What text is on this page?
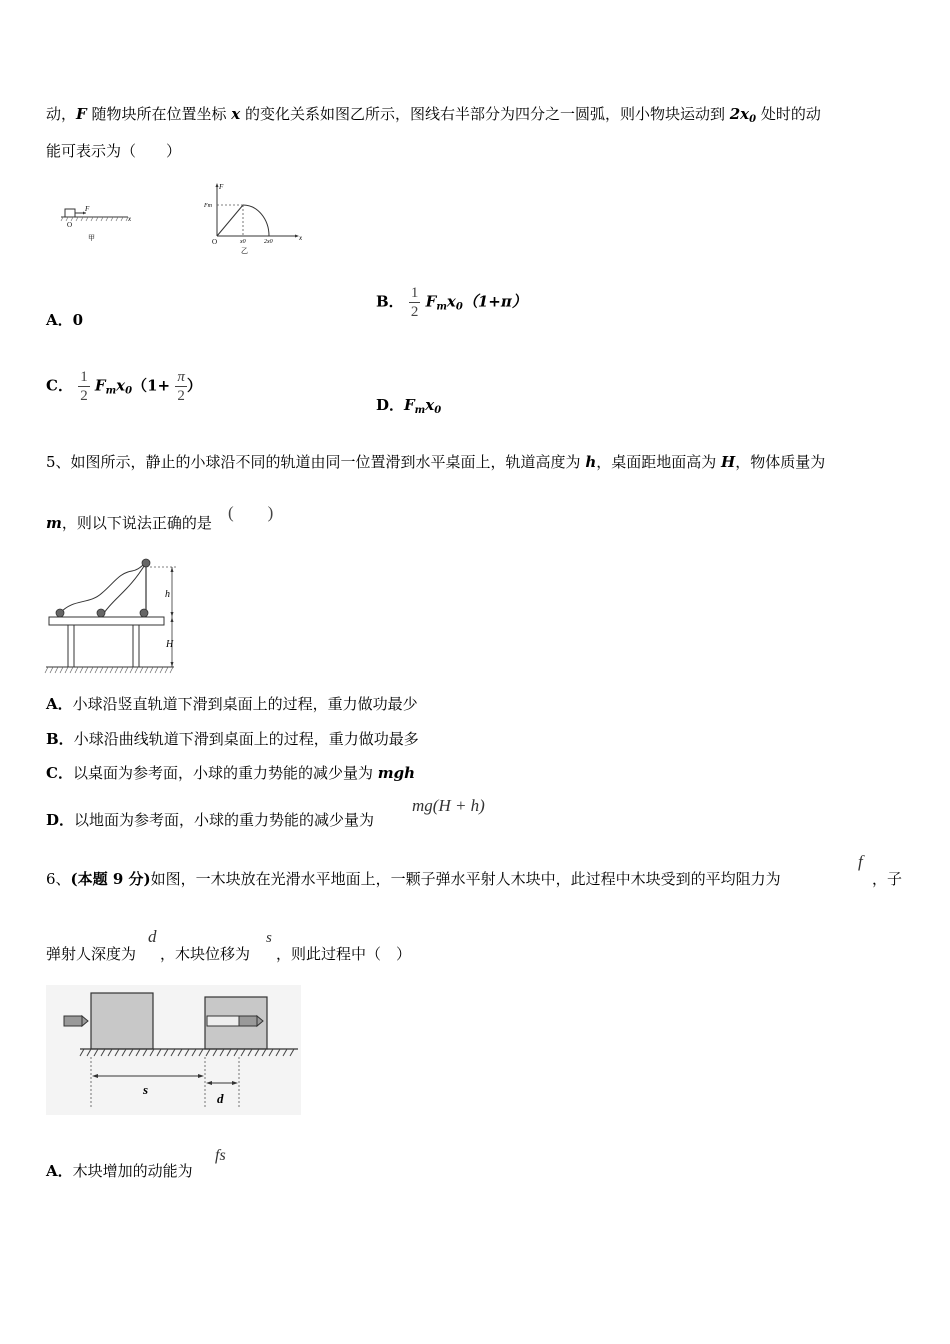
动，F 随物块所在位置坐标 x 的变化关系如图乙所示，图线右半部分为四分之一圆弧，则小物块运动到 $2x_0$ 处时的动
能可表示为（　　）
F
O
x
甲
F
Fm
O	x
x0	2x0
乙
A．0
B． $\frac{1}{2} F_mx_0(1+\pi)$
C． $\frac{1}{2} F_mx_0(1+ \frac{\pi}{2}$ ）
D．$F_mx_0$
5、如图所示，静止的小球沿不同的轨道由同一位置滑到水平桌面上，轨道高度为 h，桌面距地面高为 H，物体质量为
m，则以下说法正确的是
(　　)
h
H
A．小球沿竖直轨道下滑到桌面上的过程，重力做功最少
B．小球沿曲线轨道下滑到桌面上的过程，重力做功最多
C．以桌面为参考面，小球的重力势能的减少量为 mgh
D．以地面为参考面，小球的重力势能的减少量为
mg(H + h)
6、(本题 9 分)如图，一木块放在光滑水平地面上，一颗子弹水平射人木块中，此过程中木块受到的平均阻力为
f
，子
弹射人深度为
d
，木块位移为
s
，则此过程中（　）
s
d
A．木块增加的动能为
fs
